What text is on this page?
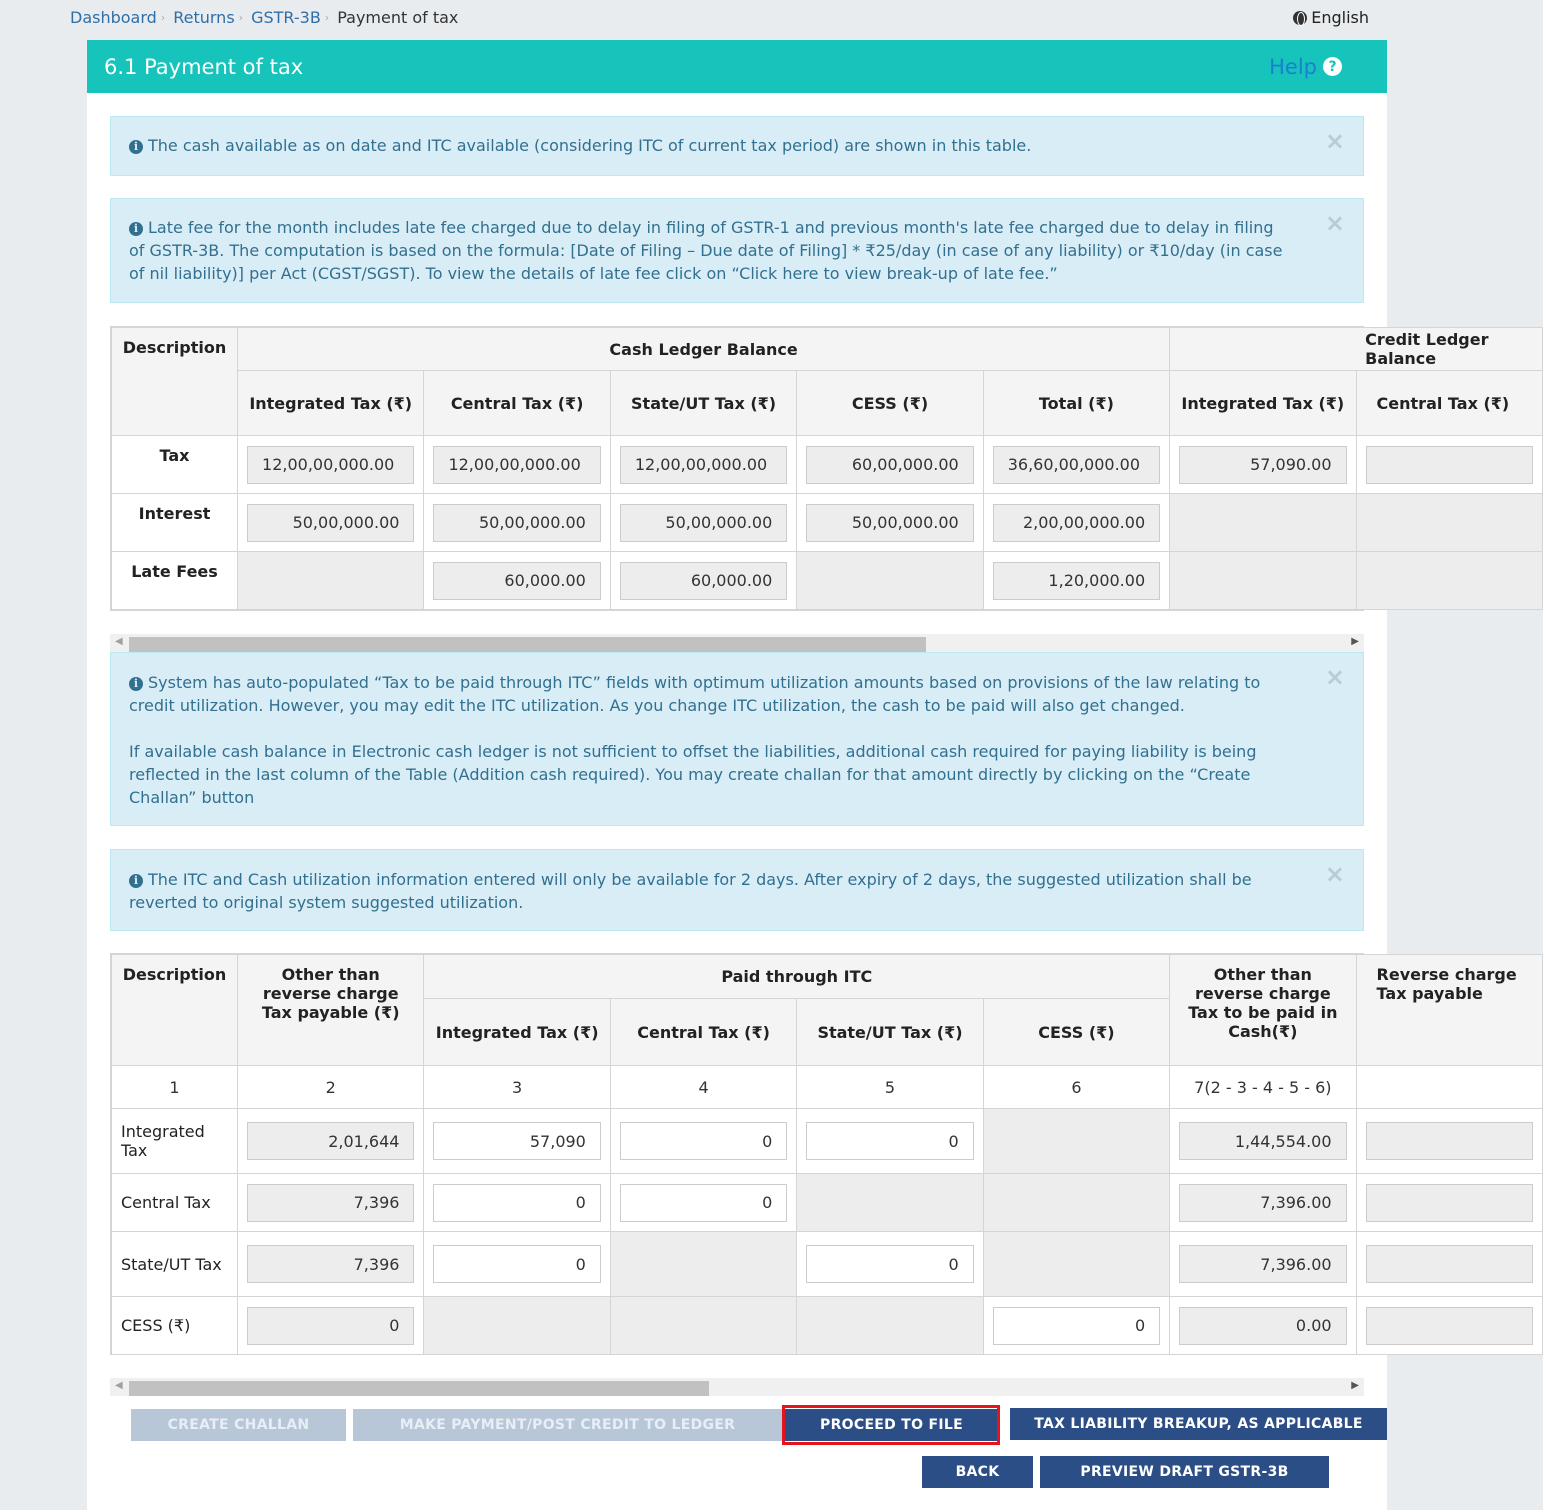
Dashboard › Returns › GSTR-3B › Payment of tax	English
6.1 Payment of tax	Help ?
i The cash available as on date and ITC available (considering ITC of current tax period) are shown in this table.	×
i Late fee for the month includes late fee charged due to delay in filing of GSTR-1 and previous month's late fee charged due to delay in filing of GSTR-3B. The computation is based on the formula: [Date of Filing – Due date of Filing] * ₹25/day (in case of any liability) or ₹10/day (in case of nil liability)] per Act (CGST/SGST). To view the details of late fee click on “Click here to view break-up of late fee.”
×
Description	Cash Ledger Balance					Credit Ledger Balance	
	Integrated Tax (₹)	Central Tax (₹)	State/UT Tax (₹)	CESS (₹)	Total (₹)	Integrated Tax (₹)	Central Tax (₹)
Tax	12,00,00,000.00	12,00,00,000.00	12,00,00,000.00	60,00,000.00	36,60,00,000.00	57,090.00	

Interest	50,00,000.00	50,00,000.00	50,00,000.00	50,00,000.00	2,00,00,000.00		

Late Fees		60,000.00	60,000.00		1,20,000.00		

◀	▶
i System has auto-populated “Tax to be paid through ITC” fields with optimum utilization amounts based on provisions of the law relating to credit utilization. However, you may edit the ITC utilization. As you change ITC utilization, the cash to be paid will also get changed.

If available cash balance in Electronic cash ledger is not sufficient to offset the liabilities, additional cash required for paying liability is being reflected in the last column of the Table (Addition cash required). You may create challan for that amount directly by clicking on the “Create Challan” button

×
i The ITC and Cash utilization information entered will only be available for 2 days. After expiry of 2 days, the suggested utilization shall be reverted to original system suggested utilization.
×
Description	Other than reverse charge Tax payable (₹)	Paid through ITC				Other than reverse charge Tax to be paid in Cash(₹)	Reverse charge Tax payable
		Integrated Tax (₹)	Central Tax (₹)	State/UT Tax (₹)	CESS (₹)		
1	2	3	4	5	6	7(2 - 3 - 4 - 5 - 6)	
Integrated Tax	2,01,644	57,090	0	0		1,44,554.00	

Central Tax	7,396	0	0			7,396.00	

State/UT Tax	7,396	0		0		7,396.00	

CESS (₹)	0				0	0.00	

◀	▶
CREATE CHALLAN	MAKE PAYMENT/POST CREDIT TO LEDGER	PROCEED TO FILE	TAX LIABILITY BREAKUP, AS APPLICABLE
BACK	PREVIEW DRAFT GSTR-3B
